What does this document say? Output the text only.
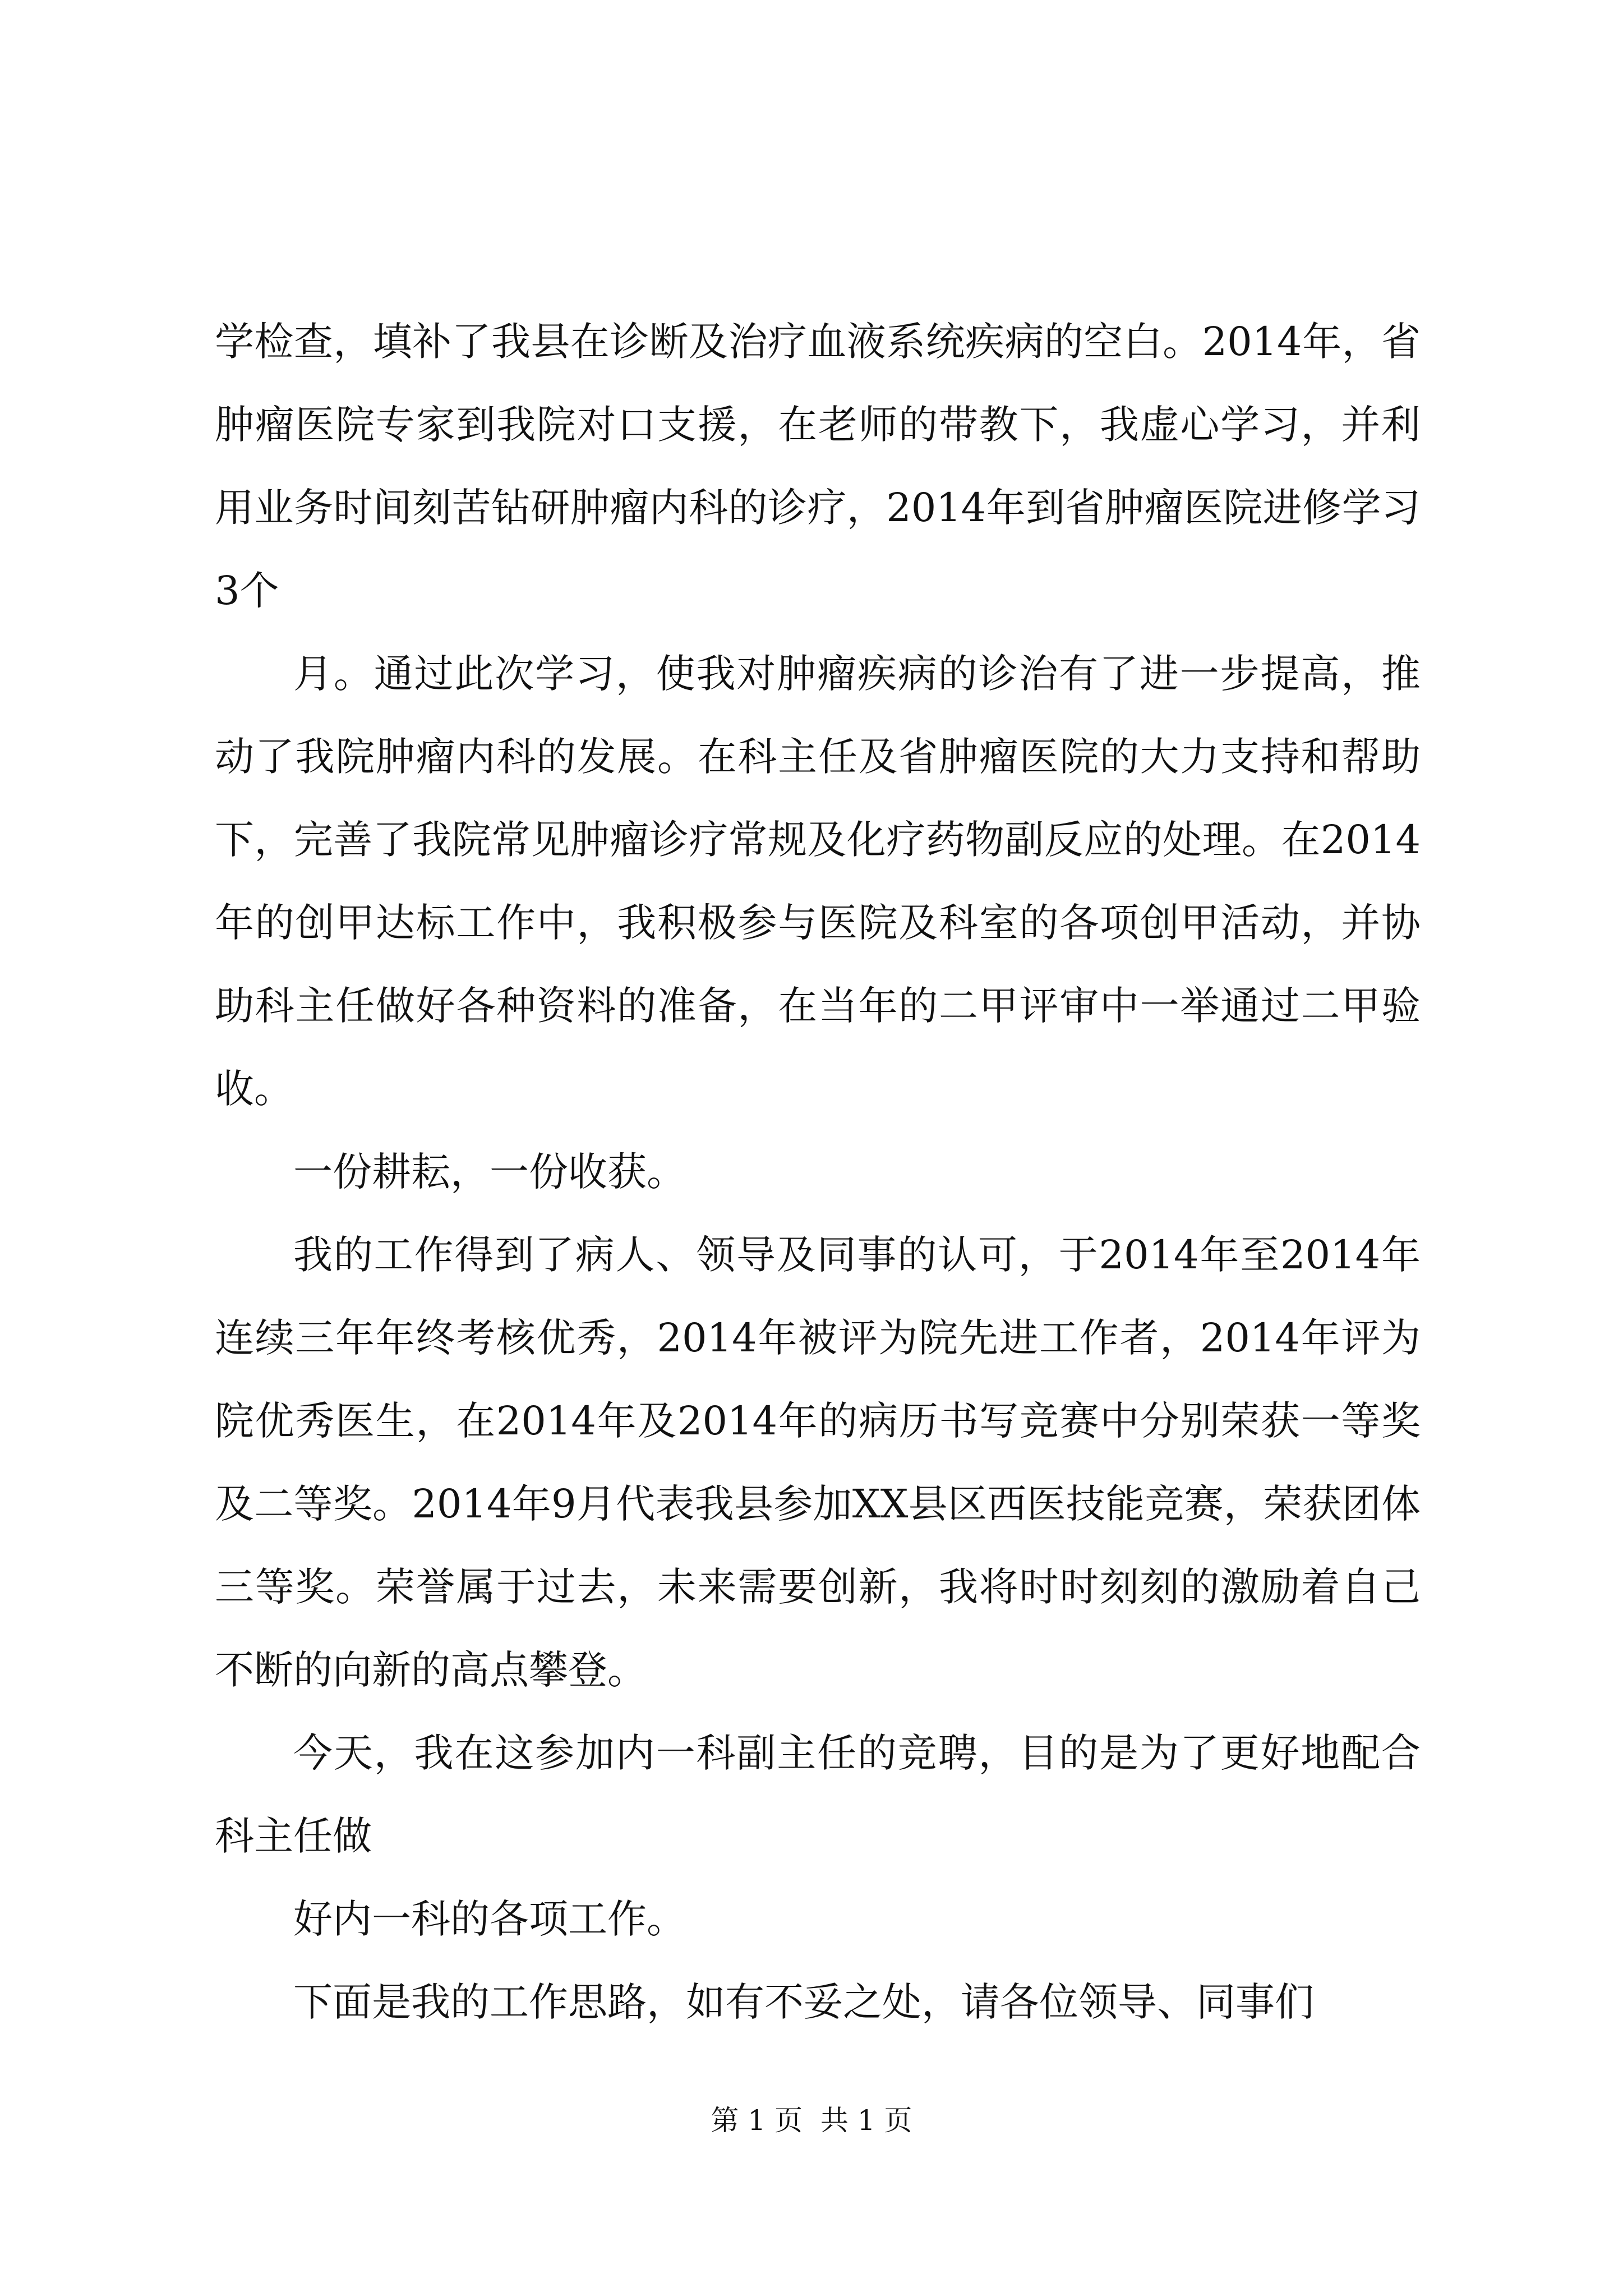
学检查，填补了我县在诊断及治疗血液系统疾病的空白。2014年，省肿瘤医院专家到我院对口支援，在老师的带教下，我虚心学习，并利用业务时间刻苦钻研肿瘤内科的诊疗，2014年到省肿瘤医院进修学习3个

月。通过此次学习，使我对肿瘤疾病的诊治有了进一步提高，推动了我院肿瘤内科的发展。在科主任及省肿瘤医院的大力支持和帮助下，完善了我院常见肿瘤诊疗常规及化疗药物副反应的处理。在2014年的创甲达标工作中，我积极参与医院及科室的各项创甲活动，并协助科主任做好各种资料的准备，在当年的二甲评审中一举通过二甲验收。

一份耕耘，一份收获。

我的工作得到了病人、领导及同事的认可，于2014年至2014年连续三年年终考核优秀，2014年被评为院先进工作者，2014年评为院优秀医生，在2014年及2014年的病历书写竞赛中分别荣获一等奖及二等奖。2014年9月代表我县参加XX县区西医技能竞赛，荣获团体三等奖。荣誉属于过去，未来需要创新，我将时时刻刻的激励着自己不断的向新的高点攀登。

今天，我在这参加内一科副主任的竞聘，目的是为了更好地配合科主任做

好内一科的各项工作。

下面是我的工作思路，如有不妥之处，请各位领导、同事们

第 1 页  共 1 页
